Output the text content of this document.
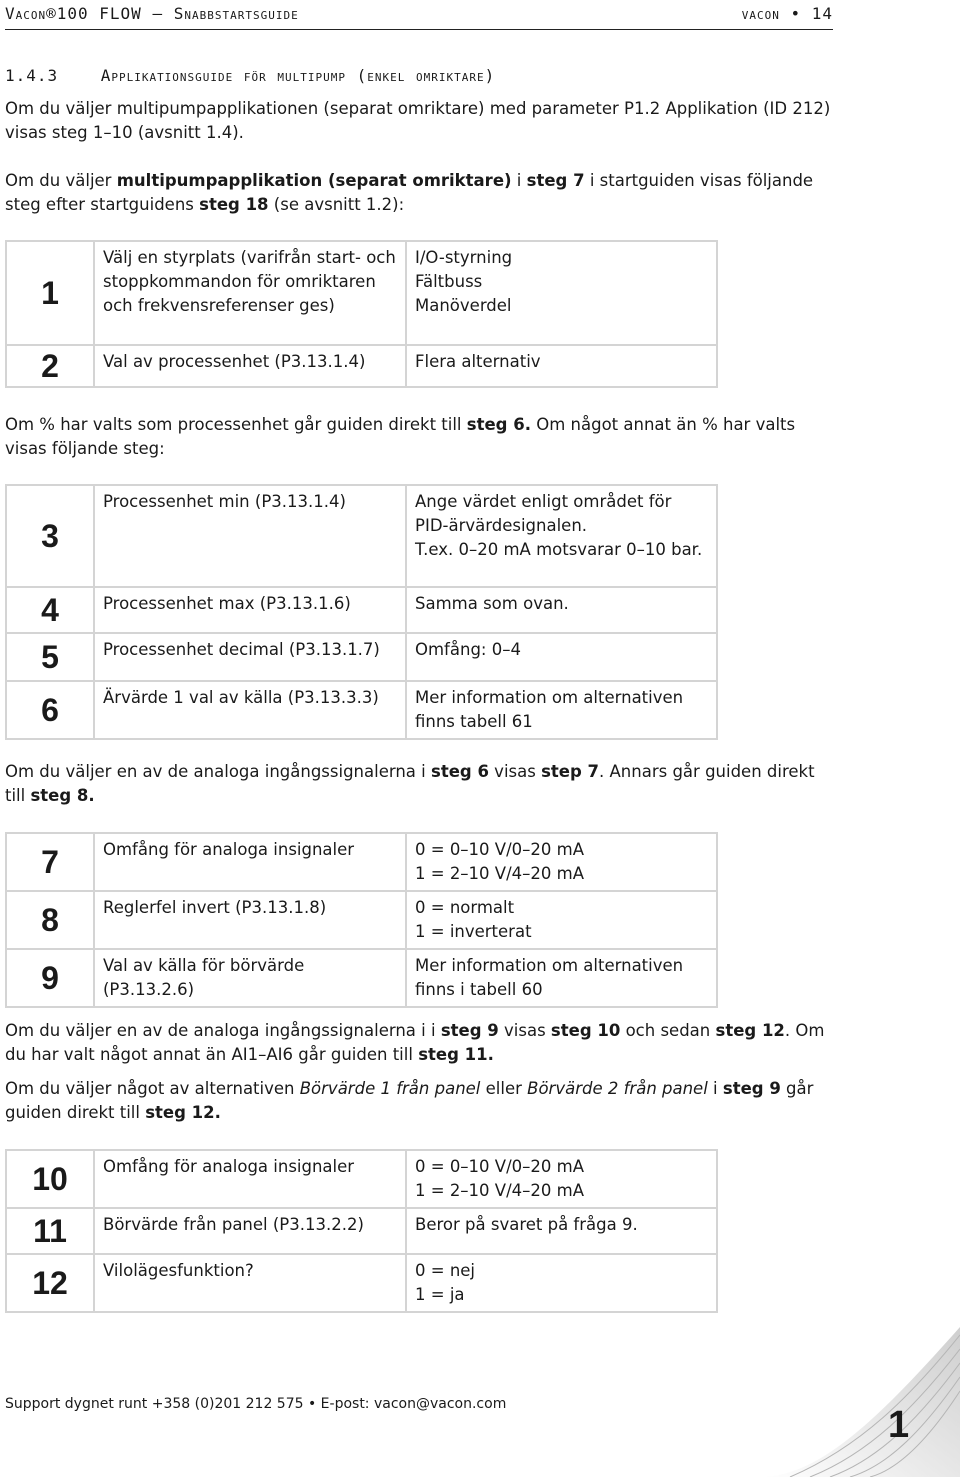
Vacon®100 FLOW – Snabbstartsguide	vacon • 14
1.4.3    Applikationsguide för multipump (enkel omriktare)
Om du väljer multipumpapplikationen (separat omriktare) med parameter P1.2 Applikation (ID 212) visas steg 1–10 (avsnitt 1.4).
Om du väljer multipumpapplikation (separat omriktare) i steg 7 i startguiden visas följande steg efter startguidens steg 18 (se avsnitt 1.2):
1	Välj en styrplats (varifrån start- och stoppkommandon för omriktaren och frekvensreferenser ges)	I/O-styrning
Fältbuss
Manöverdel
2	Val av processenhet (P3.13.1.4)	Flera alternativ
Om % har valts som processenhet går guiden direkt till steg 6. Om något annat än % har valts visas följande steg:
3	Processenhet min (P3.13.1.4)	Ange värdet enligt området för PID-ärvärdesignalen.
T.ex. 0–20 mA motsvarar 0–10 bar.
4	Processenhet max (P3.13.1.6)	Samma som ovan.
5	Processenhet decimal (P3.13.1.7)	Omfång: 0–4
6	Ärvärde 1 val av källa (P3.13.3.3)	Mer information om alternativen finns tabell 61
Om du väljer en av de analoga ingångssignalerna i steg 6 visas step 7. Annars går guiden direkt till steg 8.
7	Omfång för analoga insignaler	0 = 0–10 V/0–20 mA
1 = 2–10 V/4–20 mA
8	Reglerfel invert (P3.13.1.8)	0 = normalt
1 = inverterat
9	Val av källa för börvärde (P3.13.2.6)	Mer information om alternativen finns i tabell 60
Om du väljer en av de analoga ingångssignalerna i i steg 9 visas steg 10 och sedan steg 12. Om du har valt något annat än AI1–AI6 går guiden till steg 11.
Om du väljer något av alternativen Börvärde 1 från panel eller Börvärde 2 från panel i steg 9 går guiden direkt till steg 12.
10	Omfång för analoga insignaler	0 = 0–10 V/0–20 mA
1 = 2–10 V/4–20 mA
11	Börvärde från panel (P3.13.2.2)	Beror på svaret på fråga 9.
12	Vilolägesfunktion?	0 = nej
1 = ja
Support dygnet runt +358 (0)201 212 575 • E-post: vacon@vacon.com	1
